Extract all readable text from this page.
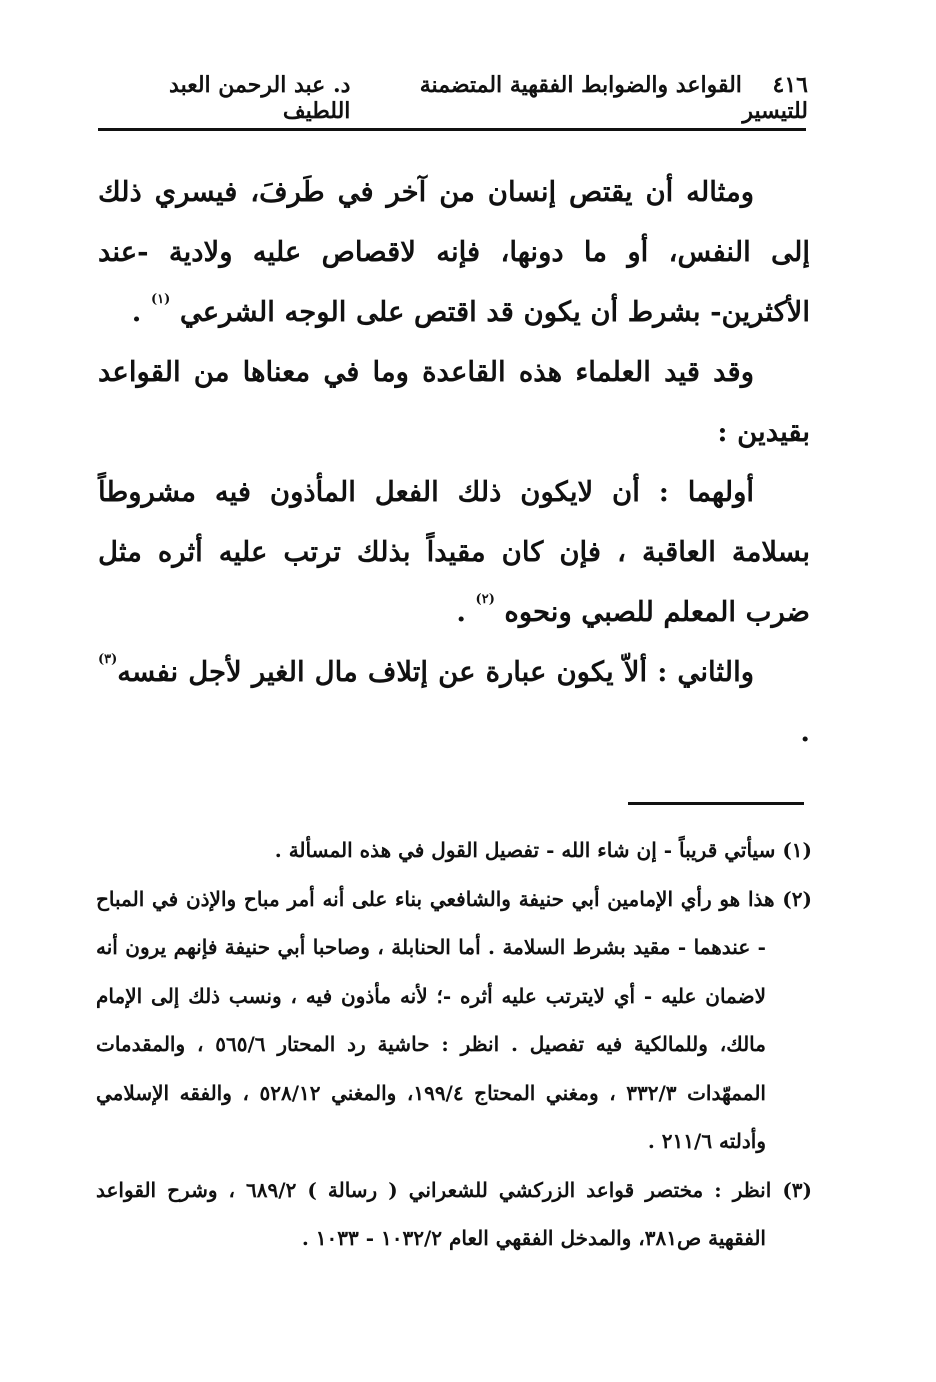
٤١٦    القواعد والضوابط الفقهية المتضمنة للتيسير
د. عبد الرحمن العبد اللطيف

ومثاله أن يقتص إنسان من آخر في طَرفَ، فيسري ذلك إلى النفس، أو ما دونها، فإنه لاقصاص عليه ولادية -عند الأكثرين- بشرط أن يكون قد اقتص على الوجه الشرعي $^{(١)}$ .

وقد قيد العلماء هذه القاعدة وما في معناها من القواعد بقيدين :

أولهما : أن لايكون ذلك الفعل المأذون فيه مشروطاً بسلامة العاقبة ، فإن كان مقيداً بذلك ترتب عليه أثره مثل ضرب المعلم للصبي ونحوه $^{(٢)}$ .

والثاني : ألاّ يكون عبارة عن إتلاف مال الغير لأجل نفسه$^{(٣)}$ .

(١) سيأتي قريباً - إن شاء الله - تفصيل القول في هذه المسألة .

(٢) هذا هو رأي الإمامين أبي حنيفة والشافعي بناء على أنه أمر مباح والإذن في المباح - عندهما - مقيد بشرط السلامة . أما الحنابلة ، وصاحبا أبي حنيفة فإنهم يرون أنه لاضمان عليه - أي لايترتب عليه أثره -؛ لأنه مأذون فيه ، ونسب ذلك إلى الإمام مالك، وللمالكية فيه تفصيل . انظر : حاشية رد المحتار ٥٦٥/٦ ، والمقدمات الممهّدات ٣٣٢/٣ ، ومغني المحتاج ١٩٩/٤، والمغني ٥٢٨/١٢ ، والفقه الإسلامي وأدلته ٢١١/٦ .

(٣) انظر : مختصر قواعد الزركشي للشعراني ( رسالة ) ٦٨٩/٢ ، وشرح القواعد الفقهية ص٣٨١، والمدخل الفقهي العام ١٠٣٢/٢ - ١٠٣٣ .
